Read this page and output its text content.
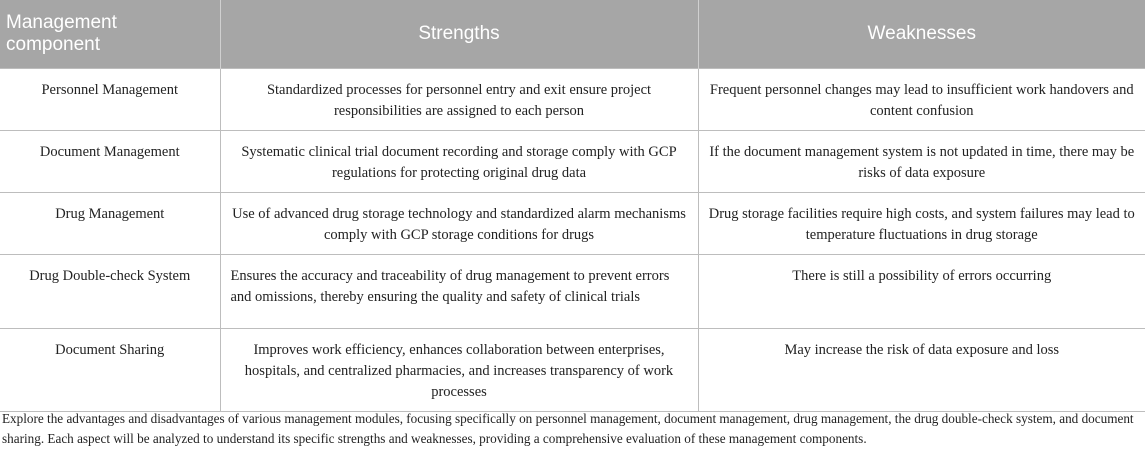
Management component	Strengths	Weaknesses
Personnel Management	Standardized processes for personnel entry and exit ensure project responsibilities are assigned to each person	Frequent personnel changes may lead to insufficient work handovers and content confusion
Document Management	Systematic clinical trial document recording and storage comply with GCP regulations for protecting original drug data	If the document management system is not updated in time, there may be risks of data exposure
Drug Management	Use of advanced drug storage technology and standardized alarm mechanisms comply with GCP storage conditions for drugs	Drug storage facilities require high costs, and system failures may lead to temperature fluctuations in drug storage
Drug Double-check System	Ensures the accuracy and traceability of drug management to prevent errors and omissions, thereby ensuring the quality and safety of clinical trials	There is still a possibility of errors occurring
Document Sharing	Improves work efficiency, enhances collaboration between enterprises, hospitals, and centralized pharmacies, and increases transparency of work processes	May increase the risk of data exposure and loss

Explore the advantages and disadvantages of various management modules, focusing specifically on personnel management, document management, drug management, the drug double-check system, and document sharing. Each aspect will be analyzed to understand its specific strengths and weaknesses, providing a comprehensive evaluation of these management components.
